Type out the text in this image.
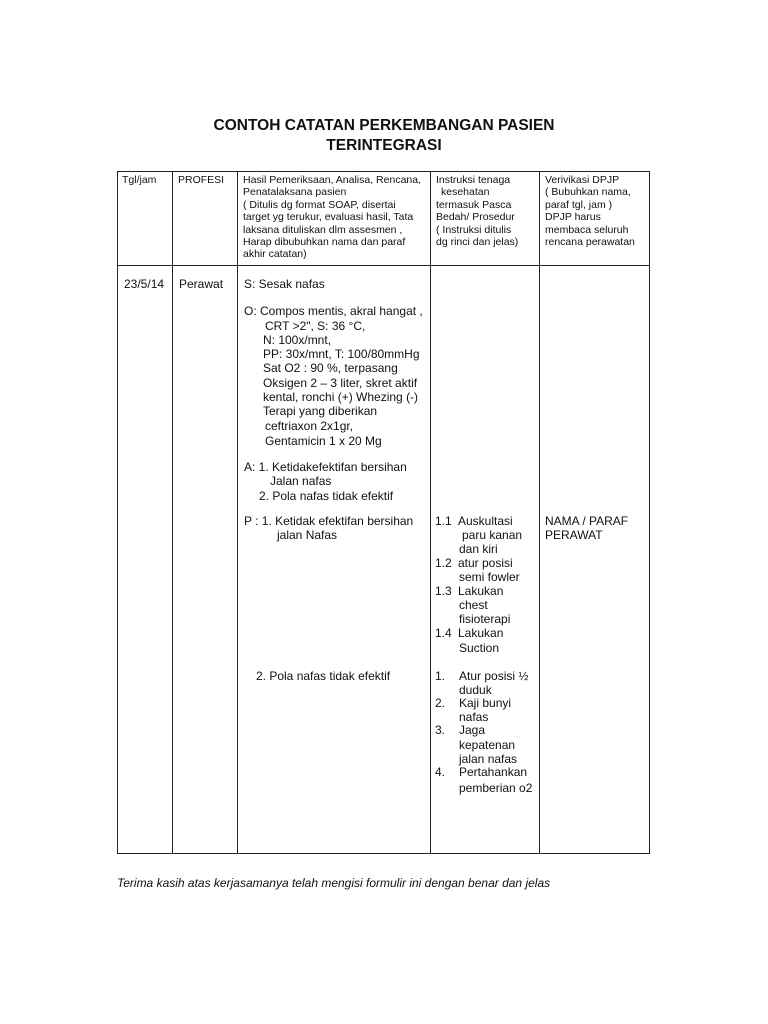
CONTOH CATATAN PERKEMBANGAN PASIEN
TERINTEGRASI
Tgl/jam PROFESI Hasil Pemeriksaan, Analisa, Rencana,
Penatalaksana pasien
( Ditulis dg format SOAP, disertai
target yg terukur, evaluasi hasil, Tata
laksana dituliskan dlm assesmen ,
Harap dibubuhkan nama dan paraf
akhir catatan)
Instruksi tenaga
kesehatan
termasuk Pasca
Bedah/ Prosedur
( Instruksi ditulis
dg rinci dan jelas)
Verivikasi DPJP
( Bubuhkan nama,
paraf tgl, jam )
DPJP harus
membaca seluruh
rencana perawatan
23/5/14 Perawat S: Sesak nafas
O: Compos mentis, akral hangat ,
CRT >2", S: 36 °C,
N: 100x/mnt,
PP: 30x/mnt, T: 100/80mmHg
Sat O2 : 90 %, terpasang
Oksigen 2 – 3 liter, skret aktif
kental, ronchi (+) Whezing (-)
Terapi yang diberikan
ceftriaxon 2x1gr,
Gentamicin 1 x 20 Mg
A: 1. Ketidakefektifan bersihan
Jalan nafas
2. Pola nafas tidak efektif
P : 1. Ketidak efektifan bersihan
jalan Nafas
2. Pola nafas tidak efektif
1.1 Auskultasi
paru kanan
dan kiri
1.2 atur posisi
semi fowler
1.3 Lakukan
chest
fisioterapi
1.4 Lakukan
Suction
1. Atur posisi ½
duduk
2. Kaji bunyi
nafas
3. Jaga
kepatenan
jalan nafas
4. Pertahankan
pemberian o2
NAMA / PARAF
PERAWAT
Terima kasih atas kerjasamanya telah mengisi formulir ini dengan benar dan jelas
